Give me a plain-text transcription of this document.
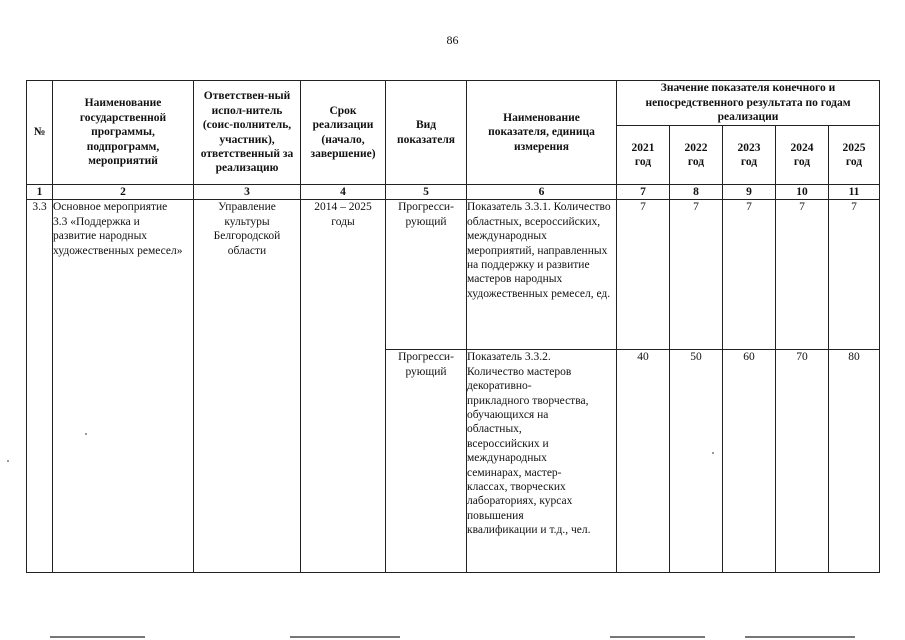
86
№	Наименование государственной программы, подпрограмм, мероприятий	Ответствен-ный испол-нитель (соис-полнитель, участник), ответственный за реализацию	Срок реализации (начало, завершение)	Вид показателя	Наименование показателя, единица измерения	Значение показателя конечного и непосредственного результата по годам реализации				
						2021 год	2022 год	2023 год	2024 год	2025 год
1	2	3	4	5	6	7	8	9	10	11
3.3	Основное мероприятие 3.3 «Поддержка и развитие народных художественных ремесел»	Управление культуры Белгородской области	2014 – 2025 годы	Прогресси-рующий	Показатель 3.3.1. Количество областных, всероссийских, международных мероприятий, направленных на поддержку и развитие мастеров народных художественных ремесел, ед.	7	7	7	7	7
				Прогресси-рующий	Показатель 3.3.2. Количество мастеров декоративно-прикладного творчества, обучающихся на областных, всероссийских и международных семинарах, мастер-классах, творческих лабораториях, курсах повышения квалификации и т.д., чел.	40	50	60	70	80
